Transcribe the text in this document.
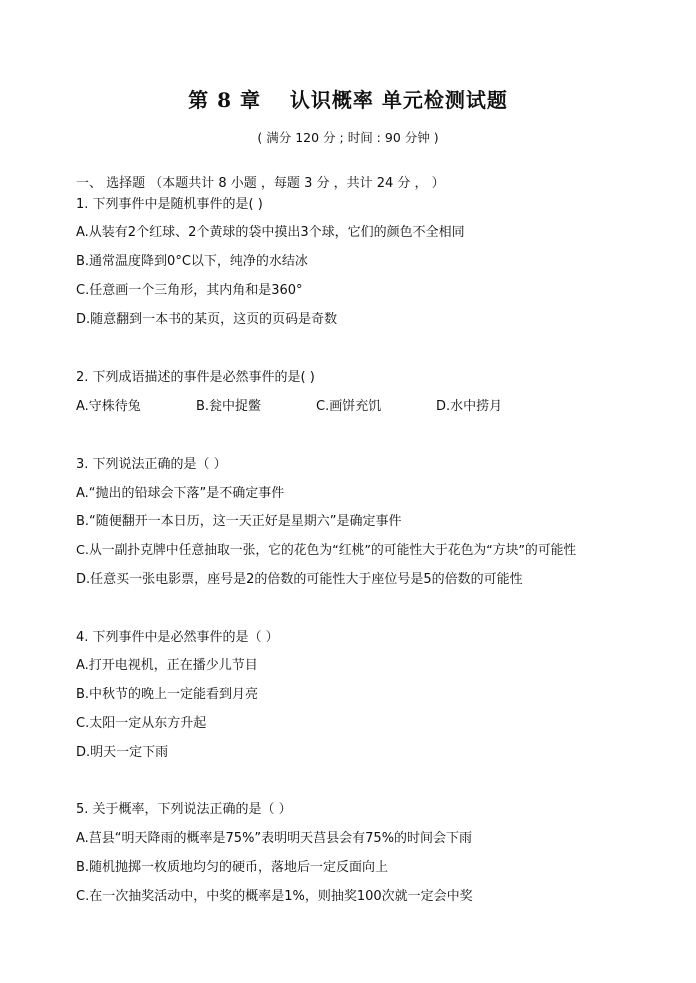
第 8 章　 认识概率 单元检测试题
( 满分 120 分 ; 时间 : 90 分钟 )
一、 选择题 （本题共计 8 小题 ，每题 3 分 ，共计 24 分 ， ）
1. 下列事件中是随机事件的是( )
A.从装有2个红球、2个黄球的袋中摸出3个球，它们的颜色不全相同
B.通常温度降到0°C以下，纯净的水结冰
C.任意画一个三角形，其内角和是360°
D.随意翻到一本书的某页，这页的页码是奇数
2. 下列成语描述的事件是必然事件的是( )
A.守株待兔	B.瓮中捉鳖	C.画饼充饥	D.水中捞月
3. 下列说法正确的是（ ）
A.“抛出的铅球会下落”是不确定事件
B.“随便翻开一本日历，这一天正好是星期六”是确定事件
C.从一副扑克牌中任意抽取一张，它的花色为“红桃”的可能性大于花色为“方块”的可能性
D.任意买一张电影票，座号是2的倍数的可能性大于座位号是5的倍数的可能性
4. 下列事件中是必然事件的是（ ）
A.打开电视机，正在播少儿节目
B.中秋节的晚上一定能看到月亮
C.太阳一定从东方升起
D.明天一定下雨
5. 关于概率，下列说法正确的是（ ）
A.莒县“明天降雨的概率是75%”表明明天莒县会有75%的时间会下雨
B.随机抛掷一枚质地均匀的硬币，落地后一定反面向上
C.在一次抽奖活动中，中奖的概率是1%，则抽奖100次就一定会中奖
